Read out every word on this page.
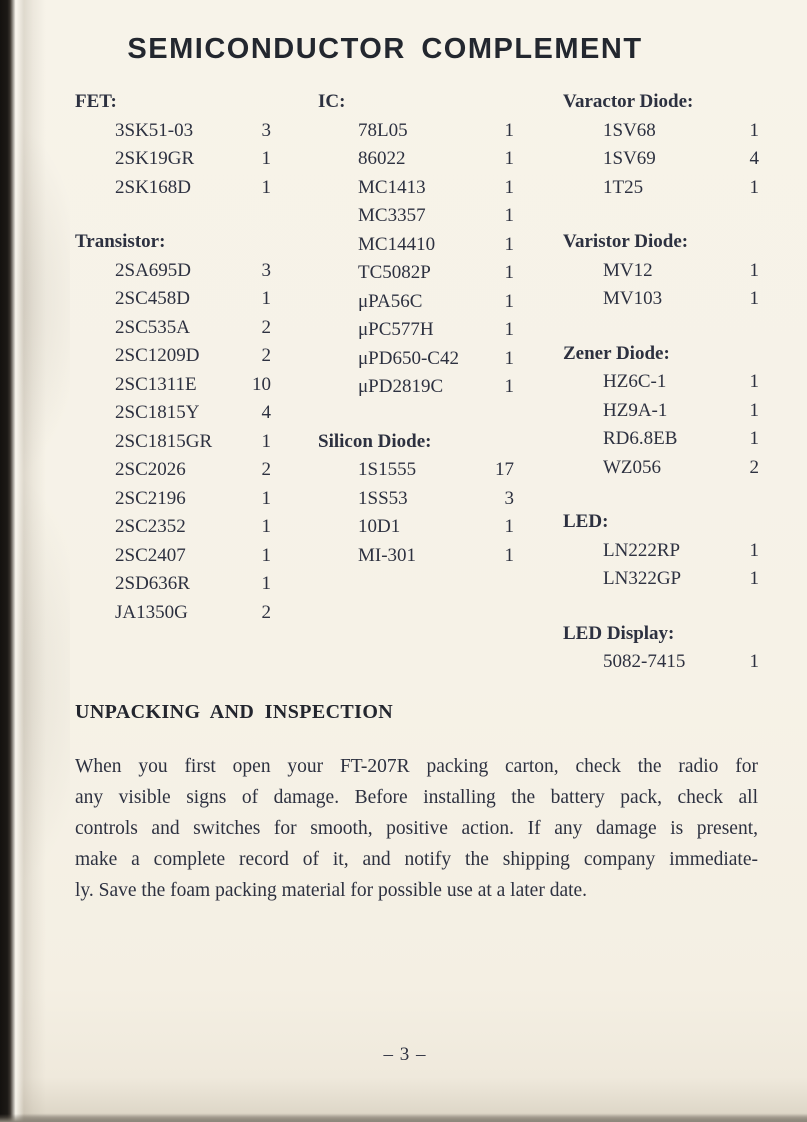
SEMICONDUCTOR COMPLEMENT
FET:
3SK51-03	3
2SK19GR	1
2SK168D	1
Transistor:
2SA695D	3
2SC458D	1
2SC535A	2
2SC1209D	2
2SC1311E	10
2SC1815Y	4
2SC1815GR	1
2SC2026	2
2SC2196	1
2SC2352	1
2SC2407	1
2SD636R	1
JA1350G	2
IC:
78L05	1
86022	1
MC1413	1
MC3357	1
MC14410	1
TC5082P	1
μPA56C	1
μPC577H	1
μPD650-C42 1
μPD2819C	1
Silicon Diode:
1S1555	17
1SS53	3
10D1	1
MI-301	1
Varactor Diode:
1SV68	1
1SV69	4
1T25	1
Varistor Diode:
MV12	1
MV103	1
Zener Diode:
HZ6C-1	1
HZ9A-1	1
RD6.8EB	1
WZ056	2
LED:
LN222RP	1
LN322GP	1
LED Display:
5082-7415	1
UNPACKING AND INSPECTION
When you first open your FT-207R packing carton, check the radio for
any visible signs of damage. Before installing the battery pack, check all
controls and switches for smooth, positive action. If any damage is present,
make a complete record of it, and notify the shipping company immediate-
ly. Save the foam packing material for possible use at a later date.
– 3 –
